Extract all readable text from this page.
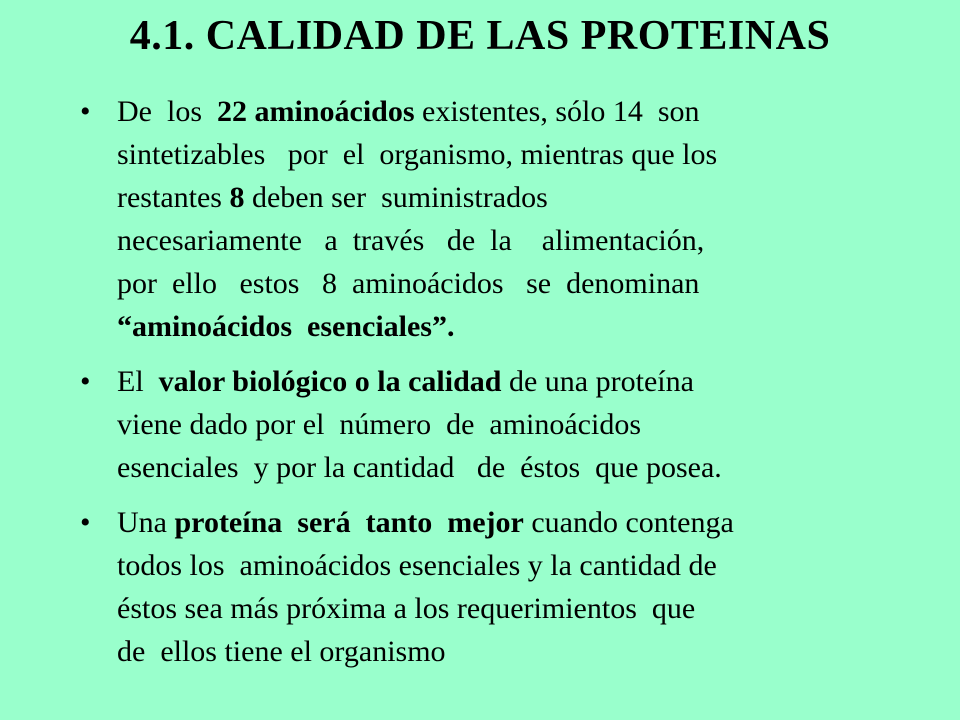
4.1. CALIDAD DE LAS PROTEINAS
• De  los  22 aminoácidos existentes, sólo 14  son
sintetizables   por  el  organismo, mientras que los
restantes 8 deben ser  suministrados
necesariamente   a  través   de  la    alimentación,
por  ello   estos   8  aminoácidos   se  denominan
“aminoácidos  esenciales”.
• El  valor biológico o la calidad de una proteína
viene dado por el  número  de  aminoácidos
esenciales  y por la cantidad   de  éstos  que posea.
• Una proteína  será  tanto  mejor cuando contenga
todos los  aminoácidos esenciales y la cantidad de
éstos sea más próxima a los requerimientos  que
de  ellos tiene el organismo
